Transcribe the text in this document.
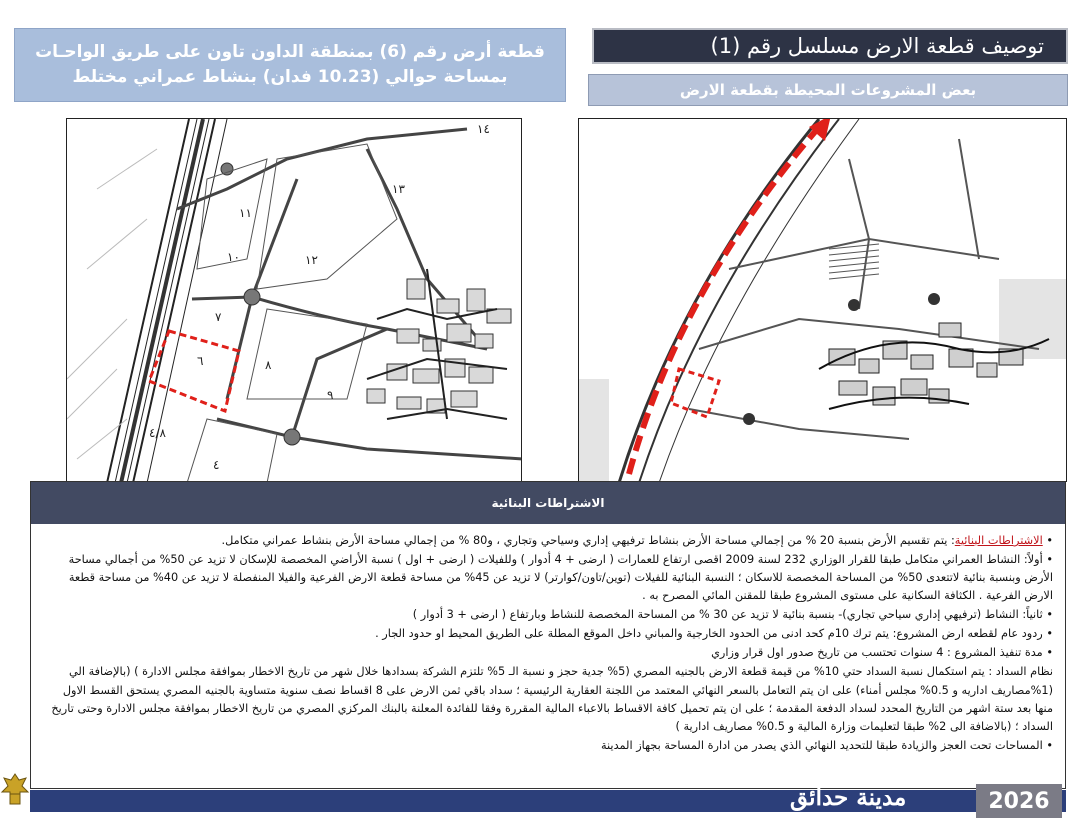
توصيف قطعة الارض مسلسل رقم (1)
بعض المشروعات المحيطة بقطعة الارض
قطعة أرض رقم (6) بمنطقة الداون تاون على طريق الواحـات بمساحة حوالي (10.23 فدان) بنشاط عمراني مختلط
١٤
١٣
١٢
١١
١٠
٧
٦	٨
٩
٤/٨
٤
الاشتراطات البنائية

• الاشتراطات البنائية: يتم تقسيم الأرض بنسبة 20 % من إجمالي مساحة الأرض بنشاط ترفيهي إداري وسياحي وتجاري ، و80 % من إجمالي مساحة الأرض بنشاط عمراني متكامل.

• أولاً: النشاط العمراني متكامل طبقا للقرار الوزاري 232 لسنة 2009 اقصى ارتفاع للعمارات ( ارضى + 4 أدوار ) وللفيلات ( ارضى + اول ) نسبة الأراضي المخصصة للإسكان لا تزيد عن 50% من أجمالي مساحة الأرض وبنسبة بنائية لاتتعدى 50% من المساحة المخصصة للاسكان ؛ النسبة البنائية للفيلات (توين/تاون/كوارتر) لا تزيد عن 45% من مساحة قطعة الارض الفرعية والفيلا المنفصلة لا تزيد عن 40% من مساحة قطعة الارض الفرعية . الكثافة السكانية على مستوى المشروع طبقا للمقنن المائي المصرح به .

• ثانياً: النشاط (ترفيهي إداري سياحي تجاري)- بنسبة بنائية لا تزيد عن 30 % من المساحة المخصصة للنشاط وبارتفاع ( ارضى + 3 أدوار )

• ردود عام لقطعه ارض المشروع: يتم ترك 10م كحد ادنى من الحدود الخارجية والمباني داخل الموقع المطلة على الطريق المحيط او حدود الجار .

• مدة تنفيذ المشروع : 4 سنوات تحتسب من تاريخ صدور اول قرار وزاري

نظام السداد : يتم استكمال نسبة السداد حتي 10% من قيمة قطعة الارض بالجنيه المصري (5% جدية حجز و نسبة الـ 5% تلتزم الشركة بسدادها خلال شهر من تاريخ الاخطار بموافقة مجلس الادارة ) (بالإضافة الي (1%مصاريف اداريه و 0.5% مجلس أمناء) على ان يتم التعامل بالسعر النهائي المعتمد من اللجنة العقارية الرئيسية ؛ سداد باقي ثمن الارض على 8 اقساط نصف سنوية متساوية بالجنيه المصري يستحق القسط الاول منها بعد ستة اشهر من التاريخ المحدد لسداد الدفعة المقدمة ؛ على ان يتم تحميل كافة الاقساط بالاعباء المالية المقررة وفقا للفائدة المعلنة بالبنك المركزي المصري من تاريخ الاخطار بموافقة مجلس الادارة وحتى تاريخ السداد ؛ (بالاضافة الى 2% طبقا لتعليمات وزارة المالية و 0.5% مصاريف ادارية )

• المساحات تحت العجز والزيادة طبقا للتحديد النهائي الذي يصدر من ادارة المساحة بجهاز المدينة

مدينة حدائق	2026
